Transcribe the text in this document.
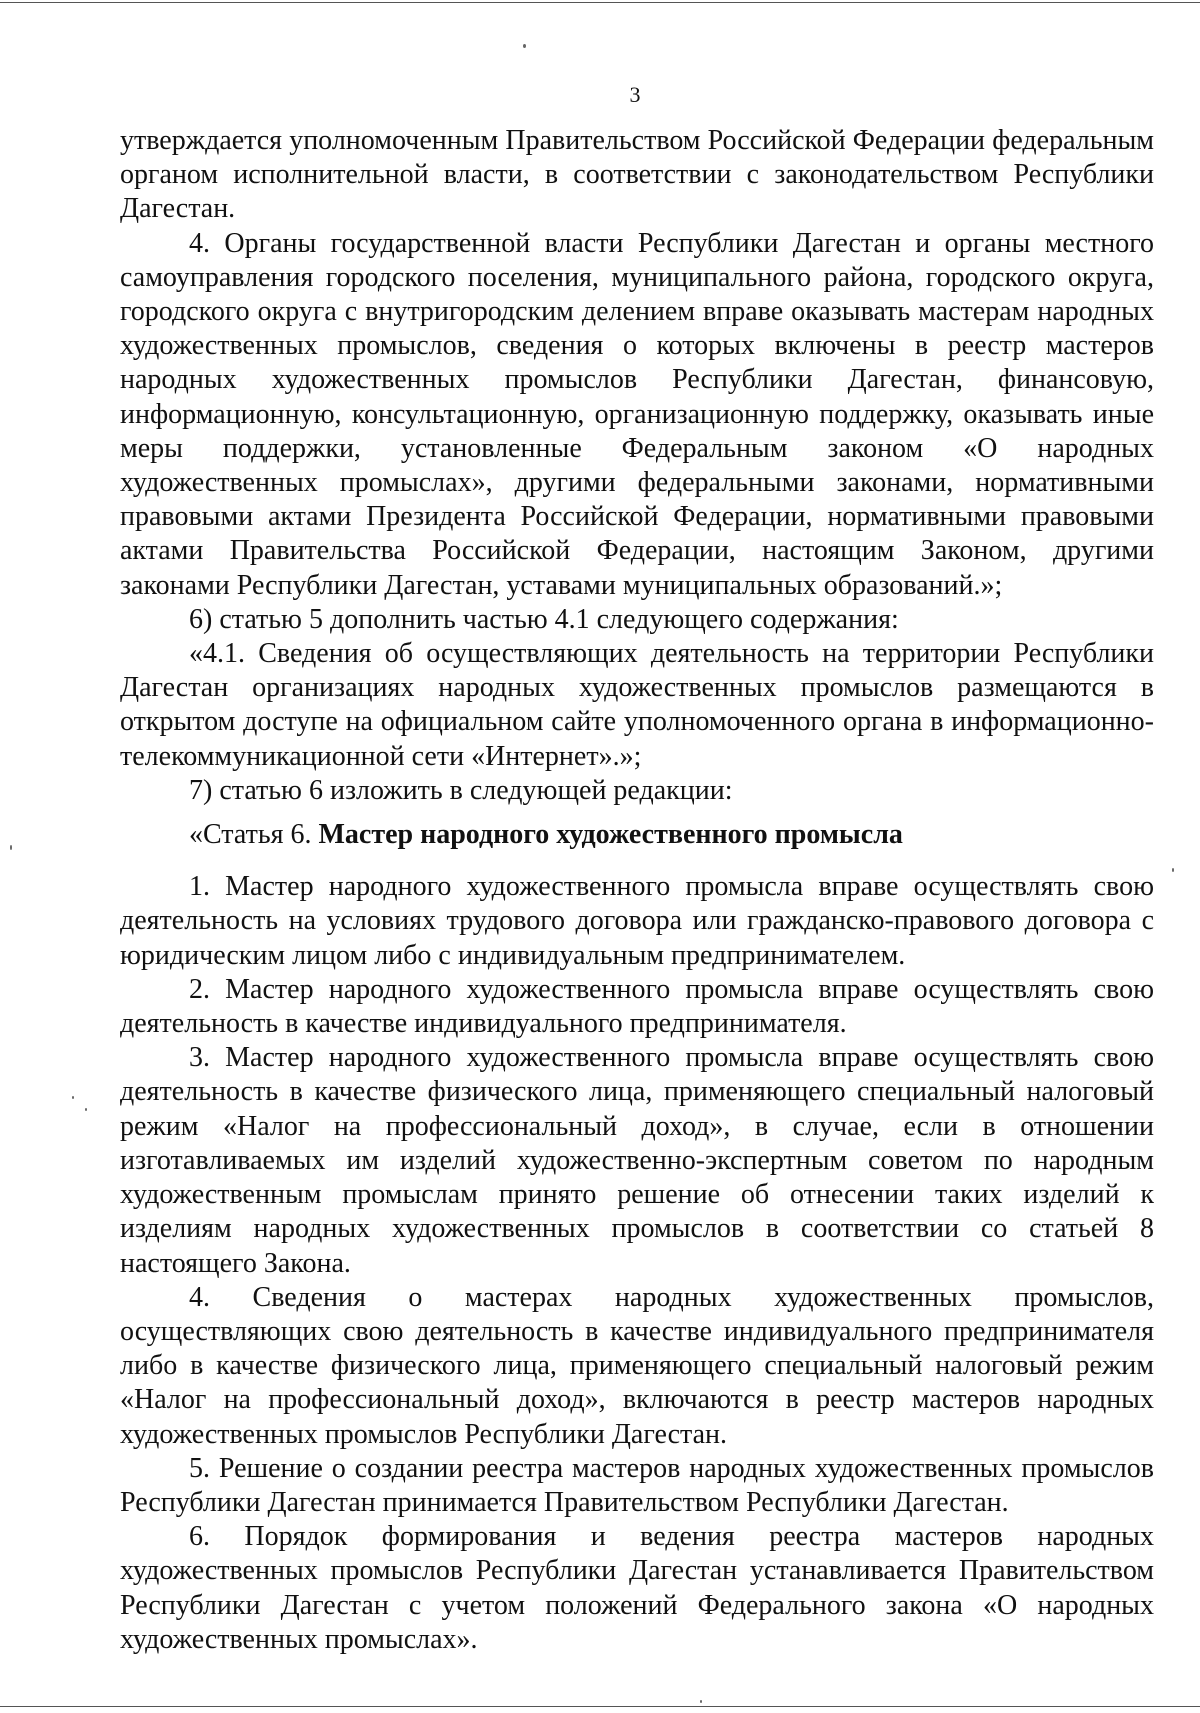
3

утверждается уполномоченным Правительством Российской Федерации федеральным органом исполнительной власти, в соответствии с законодательством Республики Дагестан.

4. Органы государственной власти Республики Дагестан и органы местного самоуправления городского поселения, муниципального района, городского округа, городского округа с внутригородским делением вправе оказывать мастерам народных художественных промыслов, сведения о которых включены в реестр мастеров народных художественных промыслов Республики Дагестан, финансовую, информационную, консультационную, организационную поддержку, оказывать иные меры поддержки, установленные Федеральным законом «О народных художественных промыслах», другими федеральными законами, нормативными правовыми актами Президента Российской Федерации, нормативными правовыми актами Правительства Российской Федерации, настоящим Законом, другими законами Республики Дагестан, уставами муниципальных образований.»;

6) статью 5 дополнить частью 4.1 следующего содержания:

«4.1. Сведения об осуществляющих деятельность на территории Республики Дагестан организациях народных художественных промыслов размещаются в открытом доступе на официальном сайте уполномоченного органа в информационно-телекоммуникационной сети «Интернет».»;

7) статью 6 изложить в следующей редакции:

«Статья 6. Мастер народного художественного промысла

1. Мастер народного художественного промысла вправе осуществлять свою деятельность на условиях трудового договора или гражданско-правового договора с юридическим лицом либо с индивидуальным предпринимателем.

2. Мастер народного художественного промысла вправе осуществлять свою деятельность в качестве индивидуального предпринимателя.

3. Мастер народного художественного промысла вправе осуществлять свою деятельность в качестве физического лица, применяющего специальный налоговый режим «Налог на профессиональный доход», в случае, если в отношении изготавливаемых им изделий художественно-экспертным советом по народным художественным промыслам принято решение об отнесении таких изделий к изделиям народных художественных промыслов в соответствии со статьей 8 настоящего Закона.

4. Сведения о мастерах народных художественных промыслов, осуществляющих свою деятельность в качестве индивидуального предпринимателя либо в качестве физического лица, применяющего специальный налоговый режим «Налог на профессиональный доход», включаются в реестр мастеров народных художественных промыслов Республики Дагестан.

5. Решение о создании реестра мастеров народных художественных промыслов Республики Дагестан принимается Правительством Республики Дагестан.

6. Порядок формирования и ведения реестра мастеров народных художественных промыслов Республики Дагестан устанавливается Правительством Республики Дагестан с учетом положений Федерального закона «О народных художественных промыслах».
